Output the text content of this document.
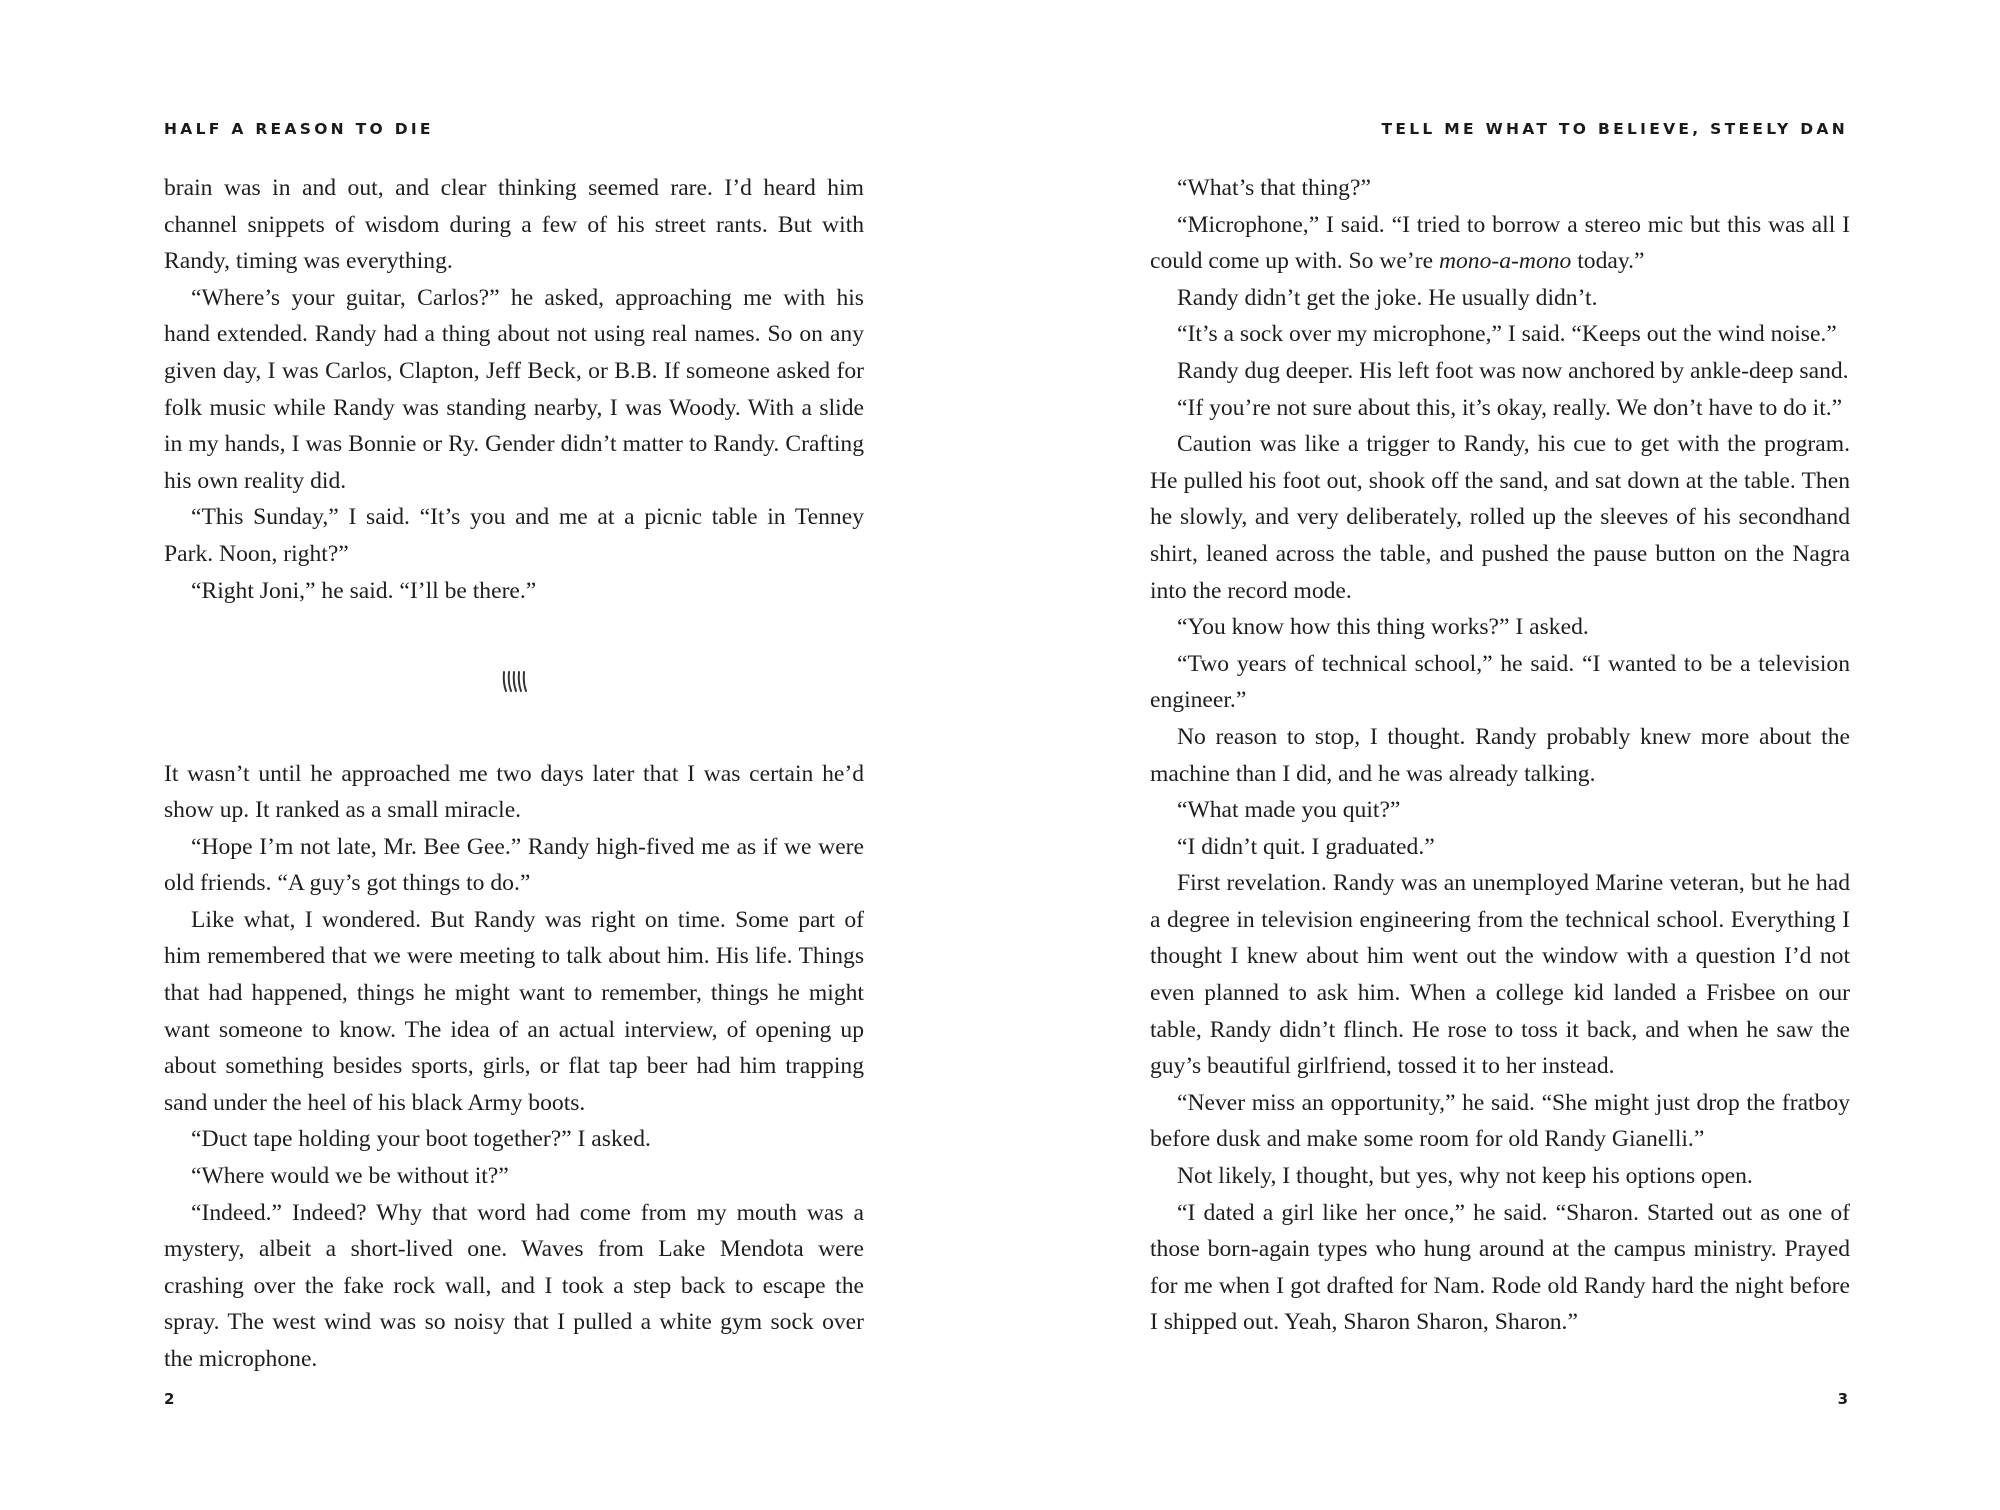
HALF A REASON TO DIE

brain was in and out, and clear thinking seemed rare. I’d heard him channel snippets of wisdom during a few of his street rants. But with Randy, timing was everything.

“Where’s your guitar, Carlos?” he asked, approaching me with his hand extended. Randy had a thing about not using real names. So on any given day, I was Carlos, Clapton, Jeff Beck, or B.B. If someone asked for folk music while Randy was standing nearby, I was Woody. With a slide in my hands, I was Bonnie or Ry. Gender didn’t matter to Randy. Crafting his own reality did.

“This Sunday,” I said. “It’s you and me at a picnic table in Tenney Park. Noon, right?”

“Right Joni,” he said. “I’ll be there.”

It wasn’t until he approached me two days later that I was certain he’d show up. It ranked as a small miracle.

“Hope I’m not late, Mr. Bee Gee.” Randy high-fived me as if we were old friends. “A guy’s got things to do.”

Like what, I wondered. But Randy was right on time. Some part of him remembered that we were meeting to talk about him. His life. Things that had happened, things he might want to remember, things he might want someone to know. The idea of an actual interview, of opening up about something besides sports, girls, or flat tap beer had him trapping sand under the heel of his black Army boots.

“Duct tape holding your boot together?” I asked.

“Where would we be without it?”

“Indeed.” Indeed? Why that word had come from my mouth was a mystery, albeit a short-lived one. Waves from Lake Mendota were crashing over the fake rock wall, and I took a step back to escape the spray. The west wind was so noisy that I pulled a white gym sock over the microphone.

2
TELL ME WHAT TO BELIEVE, STEELY DAN

“What’s that thing?”

“Microphone,” I said. “I tried to borrow a stereo mic but this was all I could come up with. So we’re mono-a-mono today.”

Randy didn’t get the joke. He usually didn’t.

“It’s a sock over my microphone,” I said. “Keeps out the wind noise.”

Randy dug deeper. His left foot was now anchored by ankle-deep sand.

“If you’re not sure about this, it’s okay, really. We don’t have to do it.”

Caution was like a trigger to Randy, his cue to get with the program. He pulled his foot out, shook off the sand, and sat down at the table. Then he slowly, and very deliberately, rolled up the sleeves of his secondhand shirt, leaned across the table, and pushed the pause button on the Nagra into the record mode.

“You know how this thing works?” I asked.

“Two years of technical school,” he said. “I wanted to be a television engineer.”

No reason to stop, I thought. Randy probably knew more about the machine than I did, and he was already talking.

“What made you quit?”

“I didn’t quit. I graduated.”

First revelation. Randy was an unemployed Marine veteran, but he had a degree in television engineering from the technical school. Everything I thought I knew about him went out the window with a question I’d not even planned to ask him. When a college kid landed a Frisbee on our table, Randy didn’t flinch. He rose to toss it back, and when he saw the guy’s beautiful girlfriend, tossed it to her instead.

“Never miss an opportunity,” he said. “She might just drop the fratboy before dusk and make some room for old Randy Gianelli.”

Not likely, I thought, but yes, why not keep his options open.

“I dated a girl like her once,” he said. “Sharon. Started out as one of those born-again types who hung around at the campus ministry. Prayed for me when I got drafted for Nam. Rode old Randy hard the night before I shipped out. Yeah, Sharon Sharon, Sharon.”

3
